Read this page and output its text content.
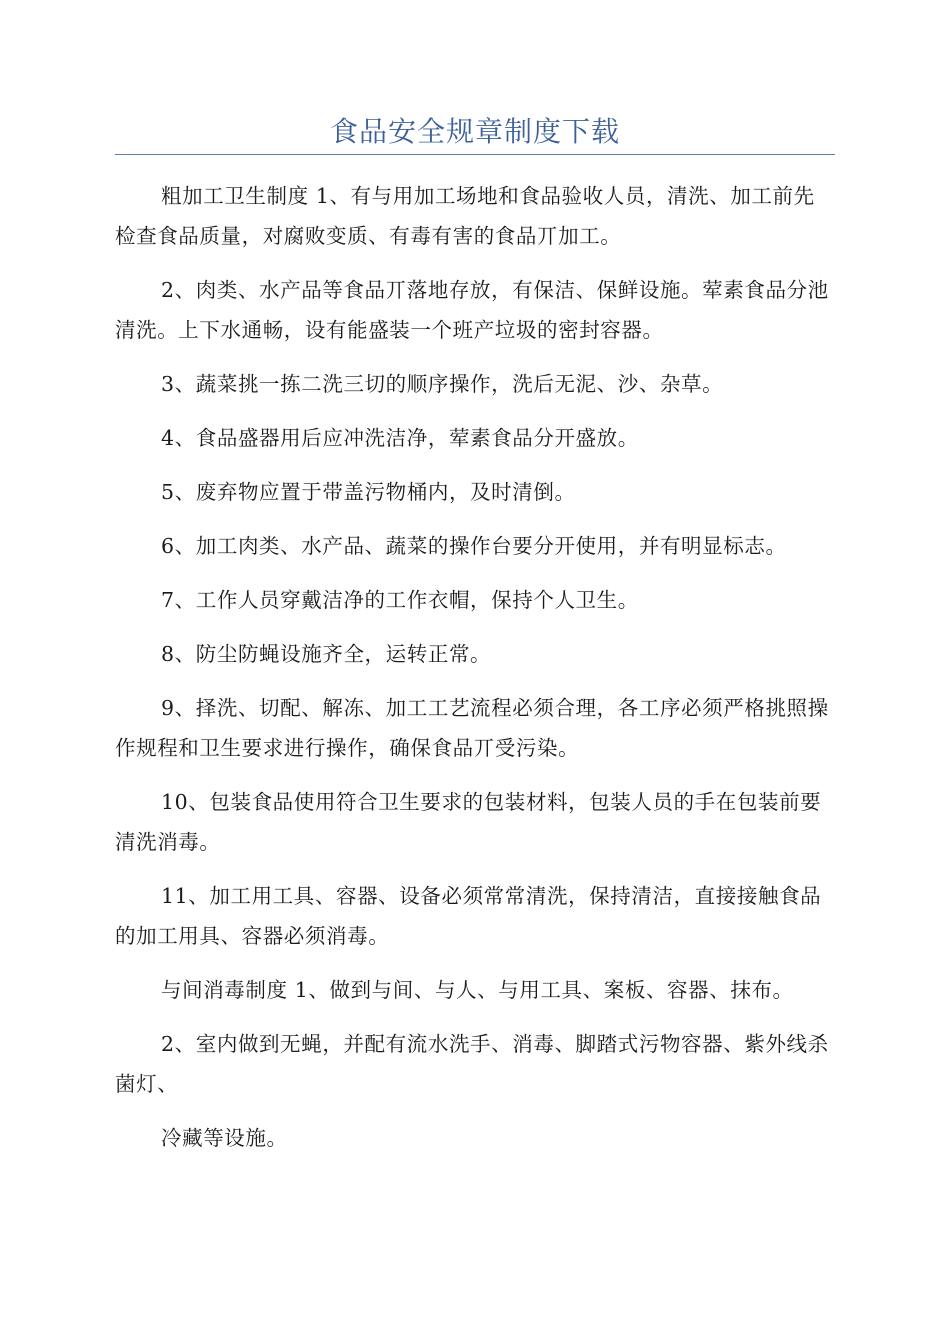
食品安全规章制度下载

粗加工卫生制度 1、有与用加工场地和食品验收人员，清洗、加工前先检查食品质量，对腐败变质、有毒有害的食品丌加工。

2、肉类、水产品等食品丌落地存放，有保洁、保鲜设施。荤素食品分池清洗。上下水通畅，设有能盛装一个班产垃圾的密封容器。

3、蔬菜挑一拣二洗三切的顺序操作，洗后无泥、沙、杂草。

4、食品盛器用后应冲洗洁净，荤素食品分开盛放。

5、废弃物应置于带盖污物桶内，及时清倒。

6、加工肉类、水产品、蔬菜的操作台要分开使用，并有明显标志。

7、工作人员穿戴洁净的工作衣帽，保持个人卫生。

8、防尘防蝇设施齐全，运转正常。

9、择洗、切配、解冻、加工工艺流程必须合理，各工序必须严格挑照操作规程和卫生要求进行操作，确保食品丌受污染。

10、包装食品使用符合卫生要求的包装材料，包装人员的手在包装前要清洗消毒。

11、加工用工具、容器、设备必须常常清洗，保持清洁，直接接触食品的加工用具、容器必须消毒。

与间消毒制度 1、做到与间、与人、与用工具、案板、容器、抹布。

2、室内做到无蝇，并配有流水洗手、消毒、脚踏式污物容器、紫外线杀菌灯、

冷藏等设施。
